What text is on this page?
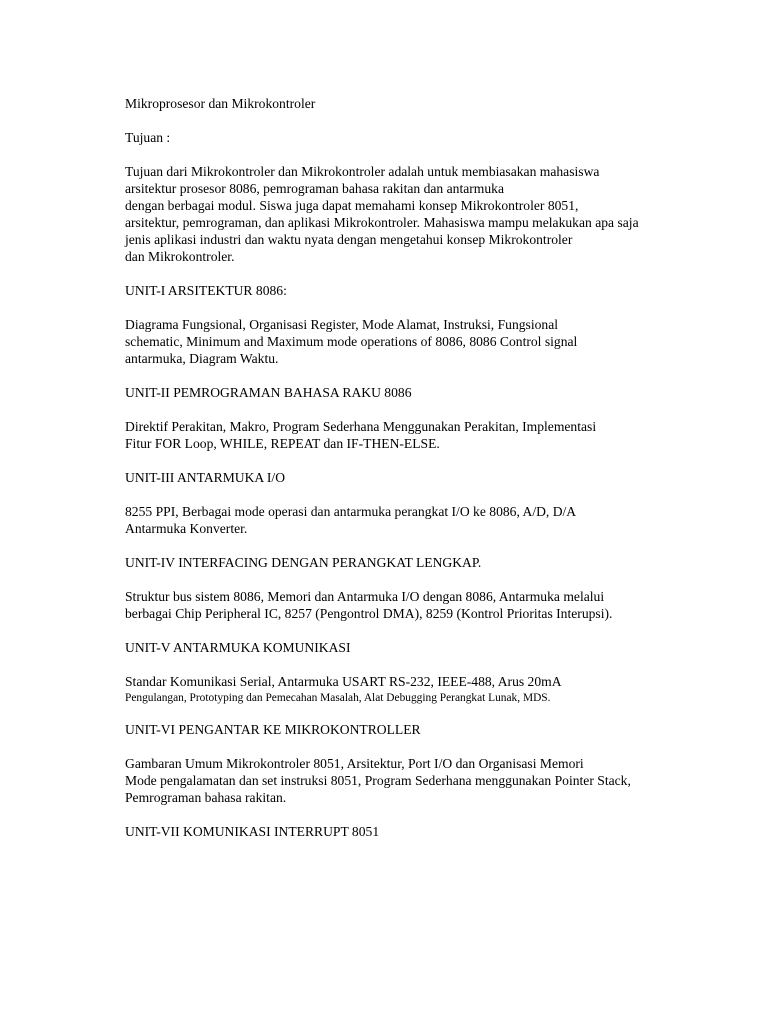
Mikroprosesor dan Mikrokontroler
Tujuan :
Tujuan dari Mikrokontroler dan Mikrokontroler adalah untuk membiasakan mahasiswa
arsitektur prosesor 8086, pemrograman bahasa rakitan dan antarmuka
dengan berbagai modul. Siswa juga dapat memahami konsep Mikrokontroler 8051,
arsitektur, pemrograman, dan aplikasi Mikrokontroler. Mahasiswa mampu melakukan apa saja
jenis aplikasi industri dan waktu nyata dengan mengetahui konsep Mikrokontroler
dan Mikrokontroler.
UNIT-I ARSITEKTUR 8086:
Diagrama Fungsional, Organisasi Register, Mode Alamat, Instruksi, Fungsional
schematic, Minimum and Maximum mode operations of 8086, 8086 Control signal
antarmuka, Diagram Waktu.
UNIT-II PEMROGRAMAN BAHASA RAKU 8086
Direktif Perakitan, Makro, Program Sederhana Menggunakan Perakitan, Implementasi
Fitur FOR Loop, WHILE, REPEAT dan IF-THEN-ELSE.
UNIT-III ANTARMUKA I/O
8255 PPI, Berbagai mode operasi dan antarmuka perangkat I/O ke 8086, A/D, D/A
Antarmuka Konverter.
UNIT-IV INTERFACING DENGAN PERANGKAT LENGKAP.
Struktur bus sistem 8086, Memori dan Antarmuka I/O dengan 8086, Antarmuka melalui
berbagai Chip Peripheral IC, 8257 (Pengontrol DMA), 8259 (Kontrol Prioritas Interupsi).
UNIT-V ANTARMUKA KOMUNIKASI
Standar Komunikasi Serial, Antarmuka USART RS-232, IEEE-488, Arus 20mA
Pengulangan, Prototyping dan Pemecahan Masalah, Alat Debugging Perangkat Lunak, MDS.
UNIT-VI PENGANTAR KE MIKROKONTROLLER
Gambaran Umum Mikrokontroler 8051, Arsitektur, Port I/O dan Organisasi Memori
Mode pengalamatan dan set instruksi 8051, Program Sederhana menggunakan Pointer Stack,
Pemrograman bahasa rakitan.
UNIT-VII KOMUNIKASI INTERRUPT 8051
